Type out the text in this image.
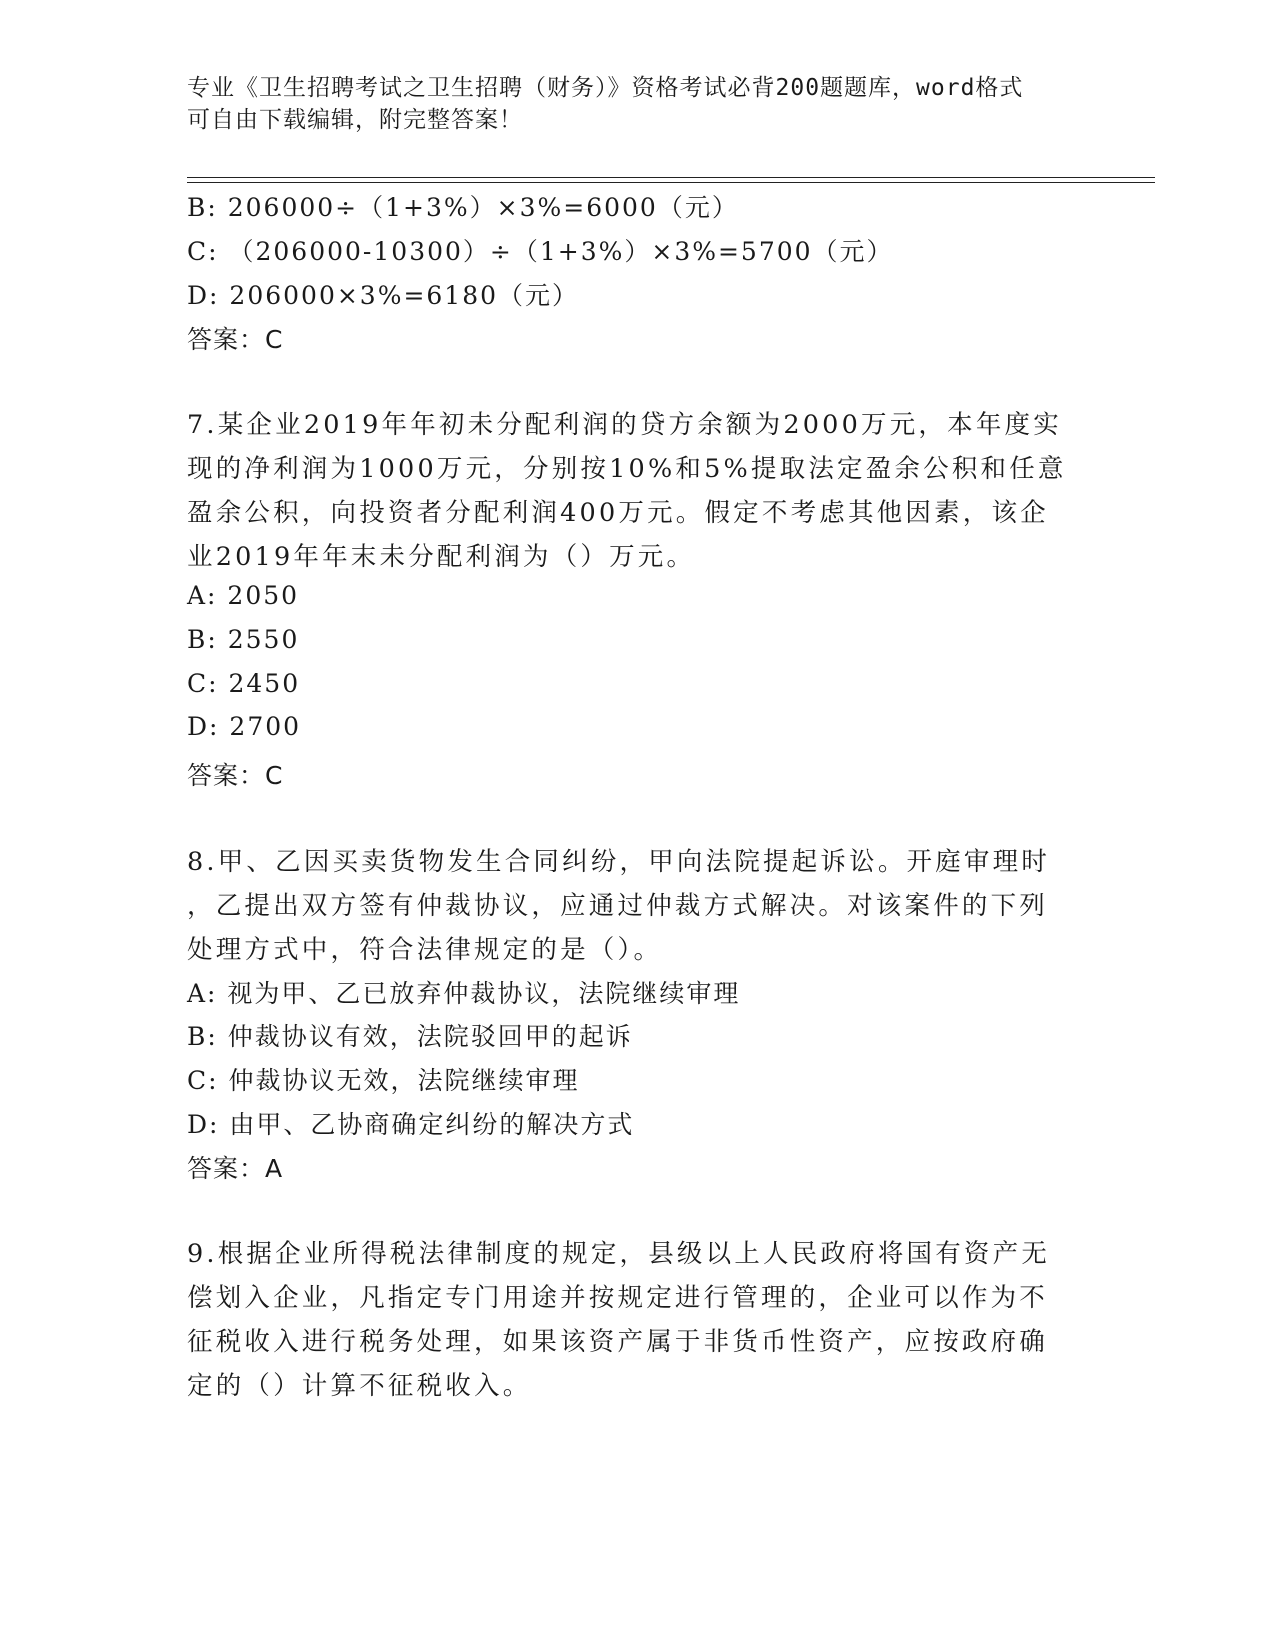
专业《卫生招聘考试之卫生招聘（财务）》资格考试必背200题题库，word格式
可自由下载编辑，附完整答案！
B: 206000÷（1+3%）×3%=6000（元）
C: （206000-10300）÷（1+3%）×3%=5700（元）
D: 206000×3%=6180（元）
答案：C
7.某企业2019年年初未分配利润的贷方余额为2000万元，本年度实
现的净利润为1000万元，分别按10%和5%提取法定盈余公积和任意
盈余公积，向投资者分配利润400万元。假定不考虑其他因素，该企
业2019年年末未分配利润为（）万元。
A: 2050
B: 2550
C: 2450
D: 2700
答案：C
8.甲、乙因买卖货物发生合同纠纷，甲向法院提起诉讼。开庭审理时
，乙提出双方签有仲裁协议，应通过仲裁方式解决。对该案件的下列
处理方式中，符合法律规定的是（）。
A: 视为甲、乙已放弃仲裁协议，法院继续审理
B: 仲裁协议有效，法院驳回甲的起诉
C: 仲裁协议无效，法院继续审理
D: 由甲、乙协商确定纠纷的解决方式
答案：A
9.根据企业所得税法律制度的规定，县级以上人民政府将国有资产无
偿划入企业，凡指定专门用途并按规定进行管理的，企业可以作为不
征税收入进行税务处理，如果该资产属于非货币性资产，应按政府确
定的（）计算不征税收入。
